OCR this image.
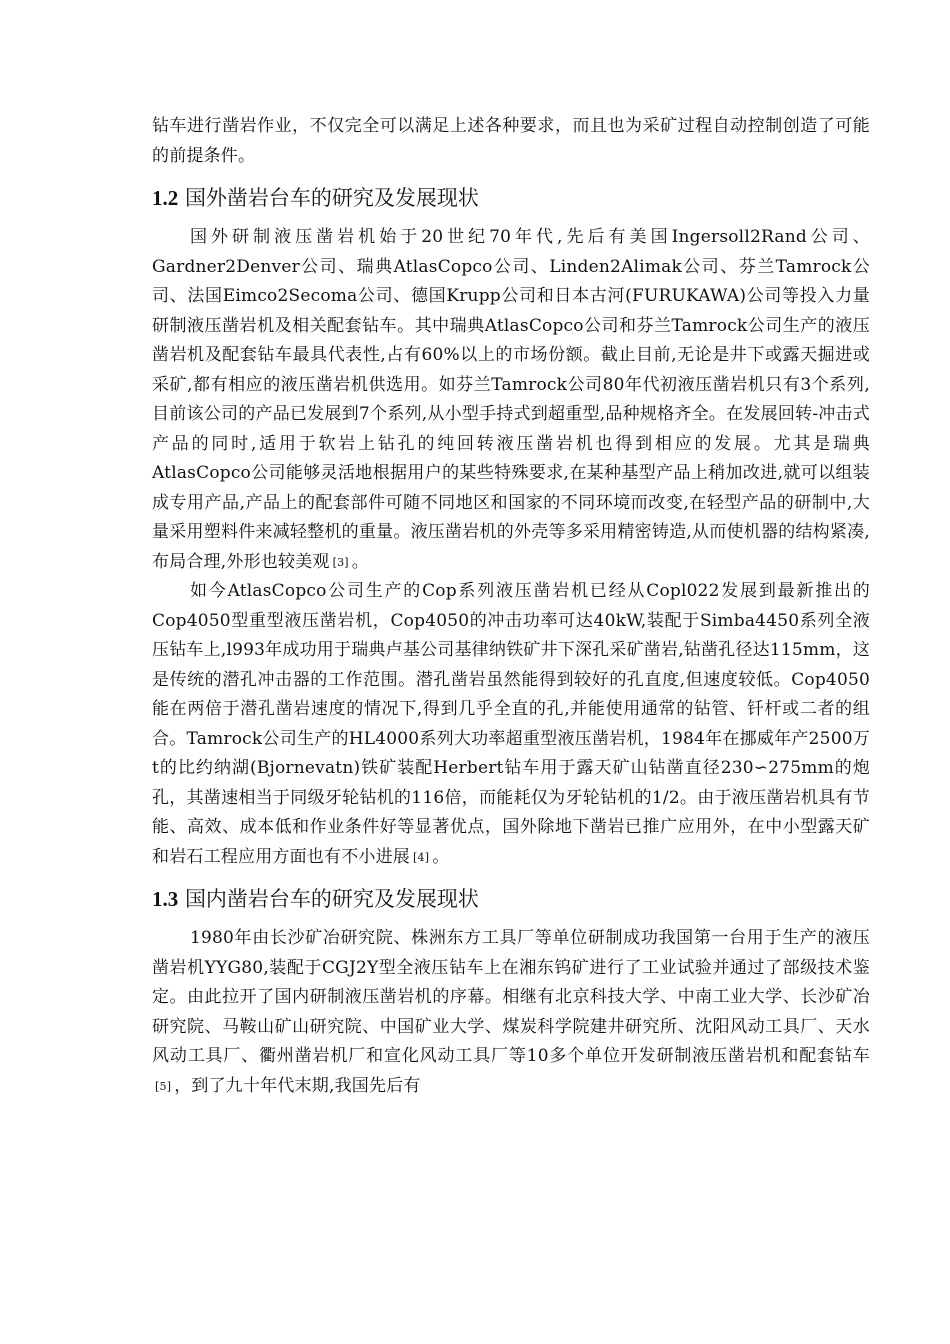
钻车进行凿岩作业，不仅完全可以满足上述各种要求，而且也为采矿过程自动控制创造了可能的前提条件。

1.2 国外凿岩台车的研究及发展现状

国外研制液压凿岩机始于20世纪70年代,先后有美国Ingersoll2Rand公司、Gardner2Denver公司、瑞典AtlasCopco公司、Linden2Alimak公司、芬兰Tamrock公司、法国Eimco2Secoma公司、德国Krupp公司和日本古河(FURUKAWA)公司等投入力量研制液压凿岩机及相关配套钻车。其中瑞典AtlasCopco公司和芬兰Tamrock公司生产的液压凿岩机及配套钻车最具代表性,占有60%以上的市场份额。截止目前,无论是井下或露天掘进或采矿,都有相应的液压凿岩机供选用。如芬兰Tamrock公司80年代初液压凿岩机只有3个系列,目前该公司的产品已发展到7个系列,从小型手持式到超重型,品种规格齐全。在发展回转-冲击式产品的同时,适用于软岩上钻孔的纯回转液压凿岩机也得到相应的发展。尤其是瑞典AtlasCopco公司能够灵活地根据用户的某些特殊要求,在某种基型产品上稍加改进,就可以组装成专用产品,产品上的配套部件可随不同地区和国家的不同环境而改变,在轻型产品的研制中,大量采用塑料件来减轻整机的重量。液压凿岩机的外壳等多采用精密铸造,从而使机器的结构紧凑,布局合理,外形也较美观 [3] 。

如今AtlasCopco公司生产的Cop系列液压凿岩机已经从Copl022发展到最新推出的Cop4050型重型液压凿岩机，Cop4050的冲击功率可达40kW,装配于Simba4450系列全液压钻车上,l993年成功用于瑞典卢基公司基律纳铁矿井下深孔采矿凿岩,钻凿孔径达115mm，这是传统的潜孔冲击器的工作范围。潜孔凿岩虽然能得到较好的孔直度,但速度较低。Cop4050能在两倍于潜孔凿岩速度的情况下,得到几乎全直的孔,并能使用通常的钻管、钎杆或二者的组合。Tamrock公司生产的HL4000系列大功率超重型液压凿岩机，1984年在挪威年产2500万t的比约纳湖(Bjornevatn)铁矿装配Herbert钻车用于露天矿山钻凿直径230∽275mm的炮孔，其凿速相当于同级牙轮钻机的116倍，而能耗仅为牙轮钻机的1/2。由于液压凿岩机具有节能、高效、成本低和作业条件好等显著优点，国外除地下凿岩已推广应用外，在中小型露天矿和岩石工程应用方面也有不小进展 [4] 。

1.3 国内凿岩台车的研究及发展现状

1980年由长沙矿冶研究院、株洲东方工具厂等单位研制成功我国第一台用于生产的液压凿岩机YYG80,装配于CGJ2Y型全液压钻车上在湘东钨矿进行了工业试验并通过了部级技术鉴定。由此拉开了国内研制液压凿岩机的序幕。相继有北京科技大学、中南工业大学、长沙矿冶研究院、马鞍山矿山研究院、中国矿业大学、煤炭科学院建井研究所、沈阳风动工具厂、天水风动工具厂、衢州凿岩机厂和宣化风动工具厂等10多个单位开发研制液压凿岩机和配套钻车[5] ，到了九十年代末期,我国先后有
